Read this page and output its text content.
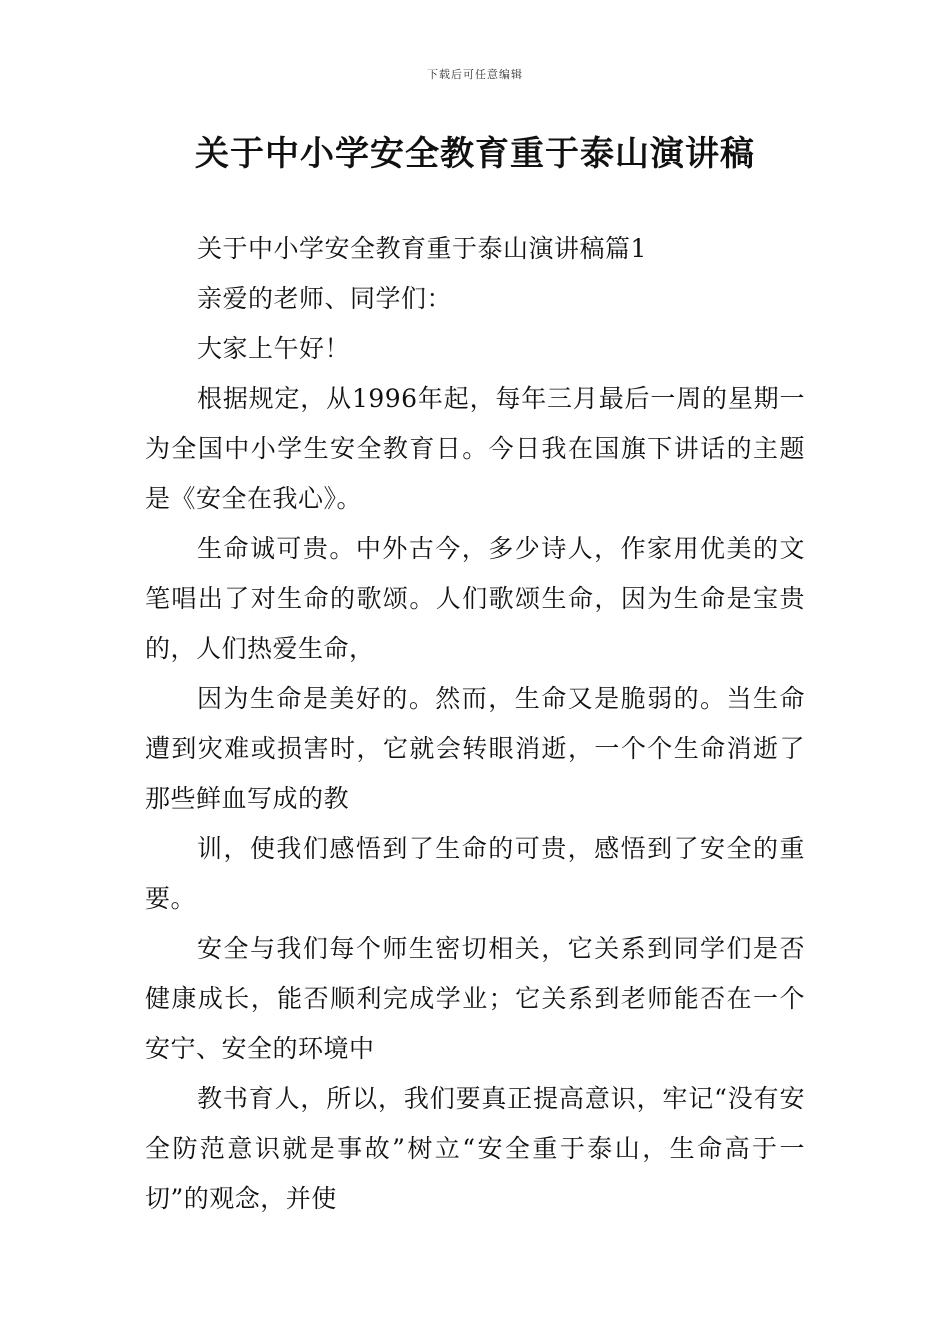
下载后可任意编辑
关于中小学安全教育重于泰山演讲稿

关于中小学安全教育重于泰山演讲稿篇1

亲爱的老师、同学们：

大家上午好！

根据规定，从1996年起，每年三月最后一周的星期一为全国中小学生安全教育日。今日我在国旗下讲话的主题是《安全在我心》。

生命诚可贵。中外古今，多少诗人，作家用优美的文笔唱出了对生命的歌颂。人们歌颂生命，因为生命是宝贵的，人们热爱生命，

因为生命是美好的。然而，生命又是脆弱的。当生命遭到灾难或损害时，它就会转眼消逝，一个个生命消逝了那些鲜血写成的教

训，使我们感悟到了生命的可贵，感悟到了安全的重要。

安全与我们每个师生密切相关，它关系到同学们是否健康成长，能否顺利完成学业；它关系到老师能否在一个安宁、安全的环境中

教书育人，所以，我们要真正提高意识，牢记“没有安全防范意识就是事故”树立“安全重于泰山，生命高于一切”的观念，并使
